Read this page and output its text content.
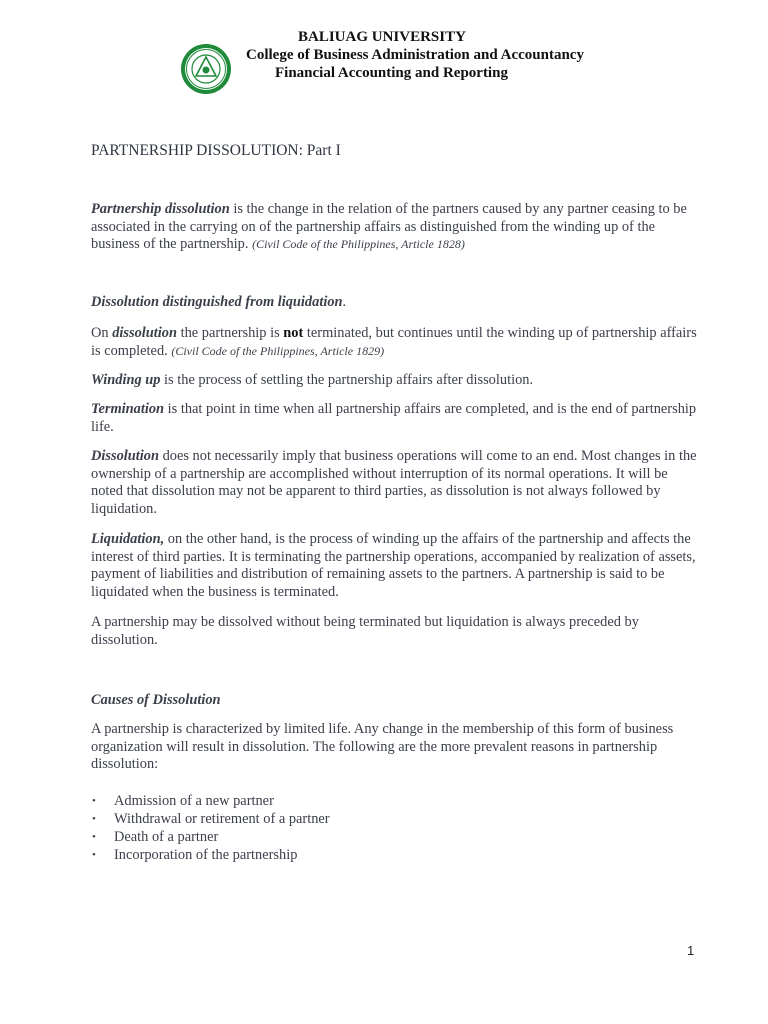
BALIUAG UNIVERSITY
College of Business Administration and Accountancy
Financial Accounting and Reporting
PARTNERSHIP DISSOLUTION: Part I

Partnership dissolution is the change in the relation of the partners caused by any partner ceasing to be associated in the carrying on of the partnership affairs as distinguished from the winding up of the business of the partnership. (Civil Code of the Philippines, Article 1828)

Dissolution distinguished from liquidation.

On dissolution the partnership is not terminated, but continues until the winding up of partnership affairs is completed. (Civil Code of the Philippines, Article 1829)

Winding up is the process of settling the partnership affairs after dissolution.

Termination is that point in time when all partnership affairs are completed, and is the end of partnership life.

Dissolution does not necessarily imply that business operations will come to an end. Most changes in the ownership of a partnership are accomplished without interruption of its normal operations. It will be noted that dissolution may not be apparent to third parties, as dissolution is not always followed by liquidation.

Liquidation, on the other hand, is the process of winding up the affairs of the partnership and affects the interest of third parties. It is terminating the partnership operations, accompanied by realization of assets, payment of liabilities and distribution of remaining assets to the partners. A partnership is said to be liquidated when the business is terminated.

A partnership may be dissolved without being terminated but liquidation is always preceded by dissolution.

Causes of Dissolution

A partnership is characterized by limited life. Any change in the membership of this form of business organization will result in dissolution. The following are the more prevalent reasons in partnership dissolution:

• Admission of a new partner
• Withdrawal or retirement of a partner
• Death of a partner
• Incorporation of the partnership
1
